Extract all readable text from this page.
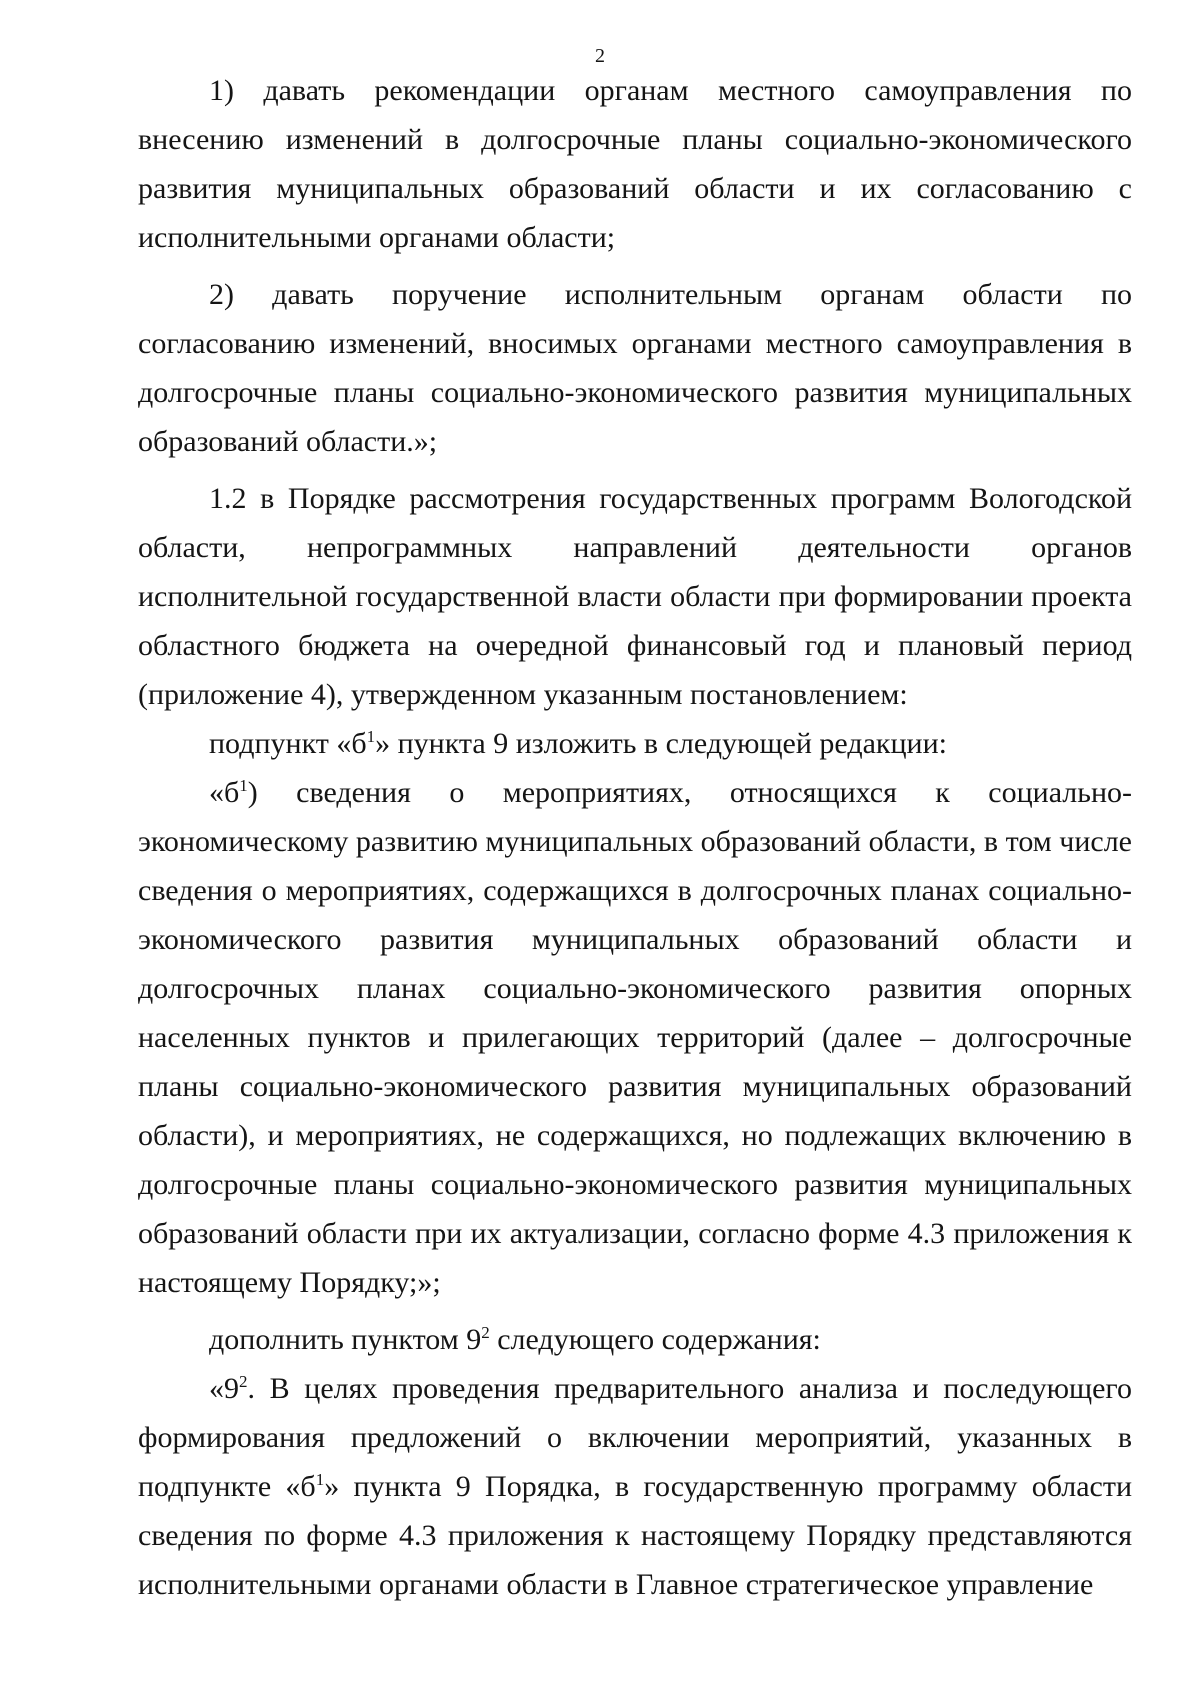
2

1) давать рекомендации органам местного самоуправления по внесению изменений в долгосрочные планы социально-экономического развития муниципальных образований области и их согласованию с исполнительными органами области;

2) давать поручение исполнительным органам области по согласованию изменений, вносимых органами местного самоуправления в долгосрочные планы социально-экономического развития муниципальных образований области.»;

1.2 в Порядке рассмотрения государственных программ Вологодской области, непрограммных направлений деятельности органов исполнительной государственной власти области при формировании проекта областного бюджета на очередной финансовый год и плановый период (приложение 4), утвержденном указанным постановлением:

подпункт «$б^1$» пункта 9 изложить в следующей редакции:

«$б^1$) сведения о мероприятиях, относящихся к социально-экономическому развитию муниципальных образований области, в том числе сведения о мероприятиях, содержащихся в долгосрочных планах социально-экономического развития муниципальных образований области и долгосрочных планах социально-экономического развития опорных населенных пунктов и прилегающих территорий (далее – долгосрочные планы социально-экономического развития муниципальных образований области), и мероприятиях, не содержащихся, но подлежащих включению в долгосрочные планы социально-экономического развития муниципальных образований области при их актуализации, согласно форме 4.3 приложения к настоящему Порядку;»;

дополнить пунктом $9^2$ следующего содержания:

«$9^2$. В целях проведения предварительного анализа и последующего формирования предложений о включении мероприятий, указанных в подпункте «$б^1$» пункта 9 Порядка, в государственную программу области сведения по форме 4.3 приложения к настоящему Порядку представляются исполнительными органами области в Главное стратегическое управление
